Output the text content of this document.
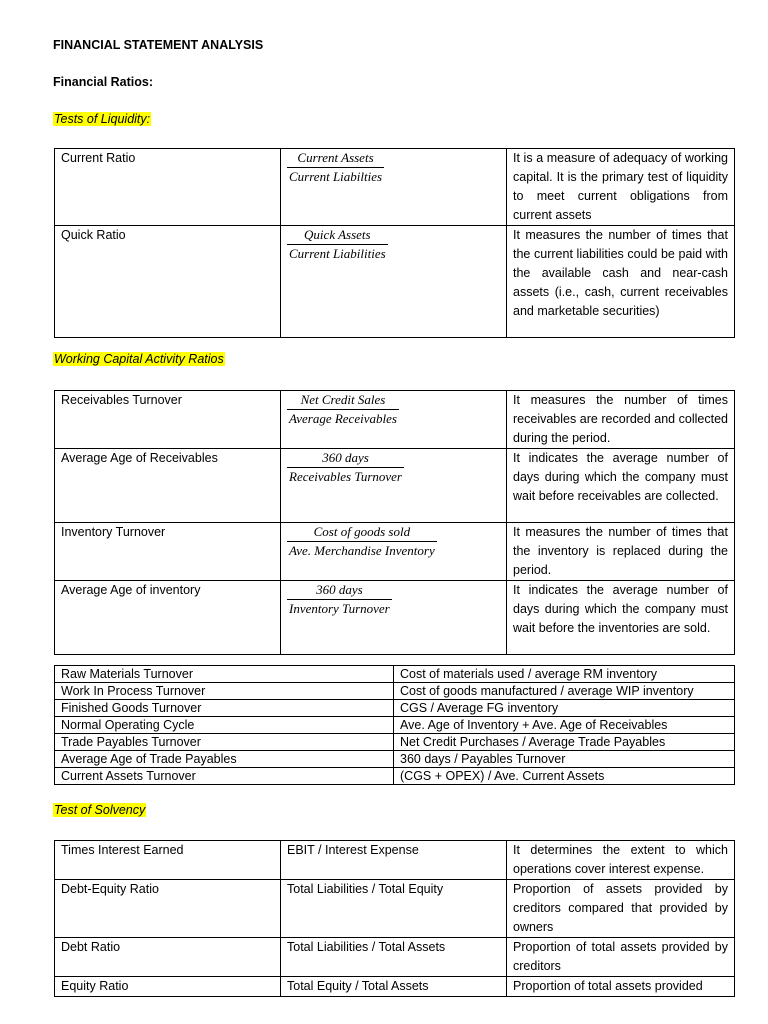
FINANCIAL STATEMENT ANALYSIS
Financial Ratios:
Tests of Liquidity:
Current Ratio	$\frac{\text{Current Assets}}{\text{Current Liabilties}}$	It is a measure of adequacy of working capital. It is the primary test of liquidity to meet current obligations from current assets
Quick Ratio	$\frac{\text{Quick Assets}}{\text{Current Liabilities}}$	It measures the number of times that the current liabilities could be paid with the available cash and near-cash assets (i.e., cash, current receivables and marketable securities)
Working Capital Activity Ratios
Receivables Turnover	$\frac{\text{Net Credit Sales}}{\text{Average Receivables}}$	It measures the number of times receivables are recorded and collected during the period.
Average Age of Receivables	$\frac{\text{360 days}}{\text{Receivables Turnover}}$	It indicates the average number of days during which the company must wait before receivables are collected.
Inventory Turnover	$\frac{\text{Cost of goods sold}}{\text{Ave. Merchandise Inventory}}$	It measures the number of times that the inventory is replaced during the period.
Average Age of inventory	$\frac{\text{360 days}}{\text{Inventory Turnover}}$	It indicates the average number of days during which the company must wait before the inventories are sold.
Raw Materials Turnover	Cost of materials used / average RM inventory
Work In Process Turnover	Cost of goods manufactured / average WIP inventory
Finished Goods Turnover	CGS / Average FG inventory
Normal Operating Cycle	Ave. Age of Inventory + Ave. Age of Receivables
Trade Payables Turnover	Net Credit Purchases / Average Trade Payables
Average Age of Trade Payables	360 days / Payables Turnover
Current Assets Turnover	(CGS + OPEX) / Ave. Current Assets
Test of Solvency
Times Interest Earned	EBIT / Interest Expense	It determines the extent to which operations cover interest expense.
Debt-Equity Ratio	Total Liabilities / Total Equity	Proportion of assets provided by creditors compared that provided by owners
Debt Ratio	Total Liabilities / Total Assets	Proportion of total assets provided by creditors
Equity Ratio	Total Equity / Total Assets	Proportion of total assets provided
